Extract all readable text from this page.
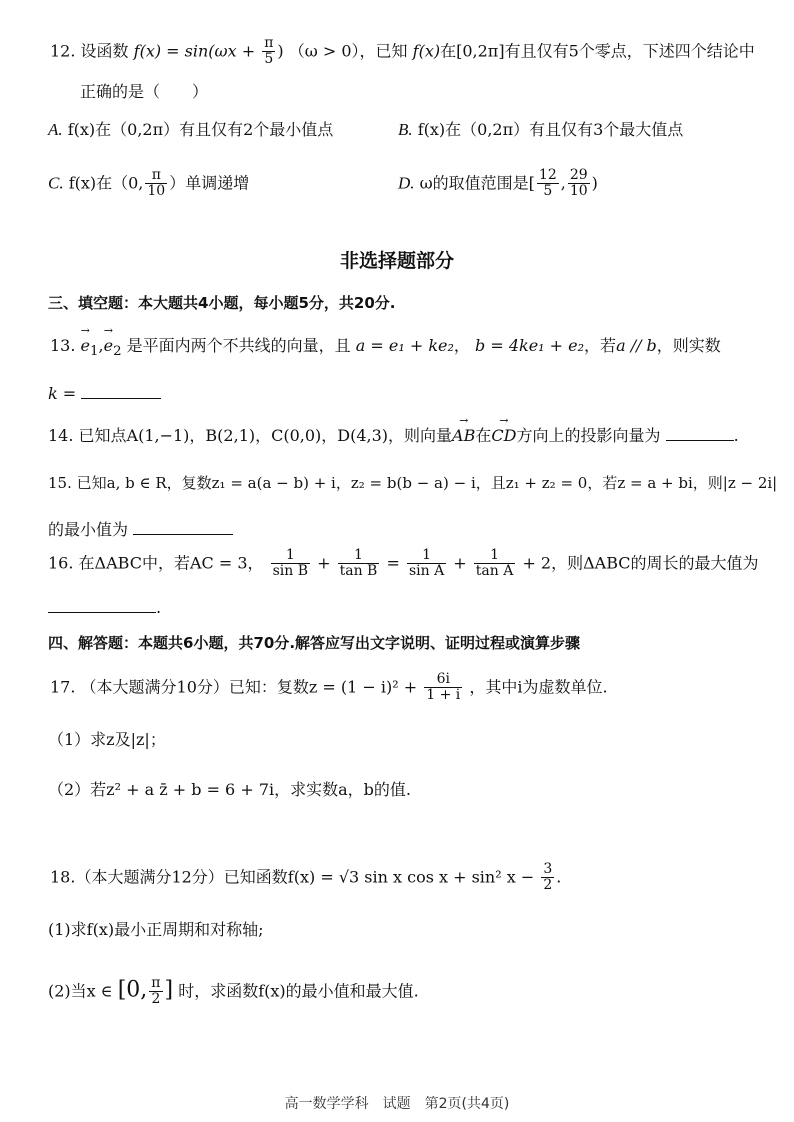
12. 设函数 $f(x) = \sin(\omega x + \frac{\pi}{5}$ ) （ω > 0），已知 f(x)在[0,2π]有且仅有5个零点，下述四个结论中
正确的是（　　）
A. f(x)在（0,2π）有且仅有2个最小值点	B. f(x)在（0,2π）有且仅有3个最大值点
C. f(x)在（0, $\frac{\pi}{10}$ ）单调递增	D. ω的取值范围是[ $\frac{12}{5}$ , $\frac{29}{10}$ )
非选择题部分
三、填空题：本大题共4小题，每小题5分，共20分.
13. → $e_1,\to e_2$ 是平面内两个不共线的向量，且 a = e₁ + ke₂， b = 4ke₁ + e₂，若a // b，则实数
k =
14. 已知点A(1,−1)，B(2,1)，C(0,0)，D(4,3)，则向量→ AB在→ CD方向上的投影向量为	.
15. 已知a, b ∈ R，复数z₁ = a(a − b) + i，z₂ = b(b − a) − i，且z₁ + z₂ = 0，若z = a + bi，则|z − 2i|
的最小值为
16. 在ΔABC中，若AC = 3， $\frac{1}{\text{sin B}} + \frac{1}{\text{tan B}} = \frac{1}{\text{sin A}} + \frac{1}{\text{tan A}} + 2$，则ΔABC的周长的最大值为
.
四、解答题：本题共6小题，共70分.解答应写出文字说明、证明过程或演算步骤
17. （本大题满分10分）已知：复数$z = (1 - i)^2 + \frac{6i}{1 + i}$ ，其中i为虚数单位.
（1）求z及|z|；
（2）若z² + a z̄ + b = 6 + 7i，求实数a，b的值.
18.（本大题满分12分）已知函数f(x) = √3 sin x cos x + sin² $x - \frac{3}{2}$ .
(1)求f(x)最小正周期和对称轴;
(2)当x ∈ [0, $\frac{\pi}{2}$ ] 时，求函数f(x)的最小值和最大值.
高一数学学科　试题　第2页(共4页)
